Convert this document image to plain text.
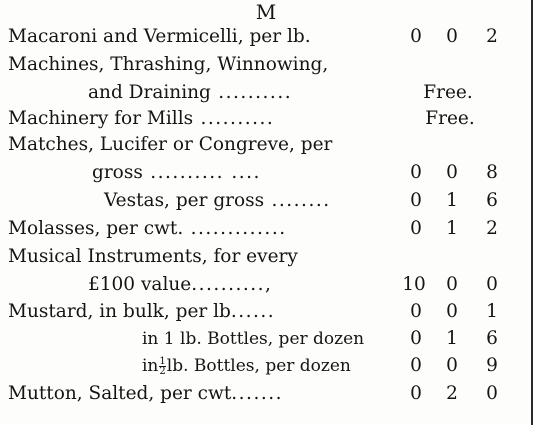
M
Macaroni and Vermicelli, per lb.	0	0	2
Machines, Thrashing, Winnowing,
and Draining ..........	Free.
Machinery for Mills ..........	Free.
Matches, Lucifer or Congreve, per
gross .......... ....	0	0	8
Vestas, per gross ........	0	1	6
Molasses, per cwt. .............	0	1	2
Musical Instruments, for every
£100 value..........,	10	0	0
Mustard, in bulk, per lb......	0	0	1
in 1 lb. Bottles, per dozen	0	1	6
in $\frac{1}{2}$ lb. Bottles, per dozen	0	0	9
Mutton, Salted, per cwt.......	0	2	0
